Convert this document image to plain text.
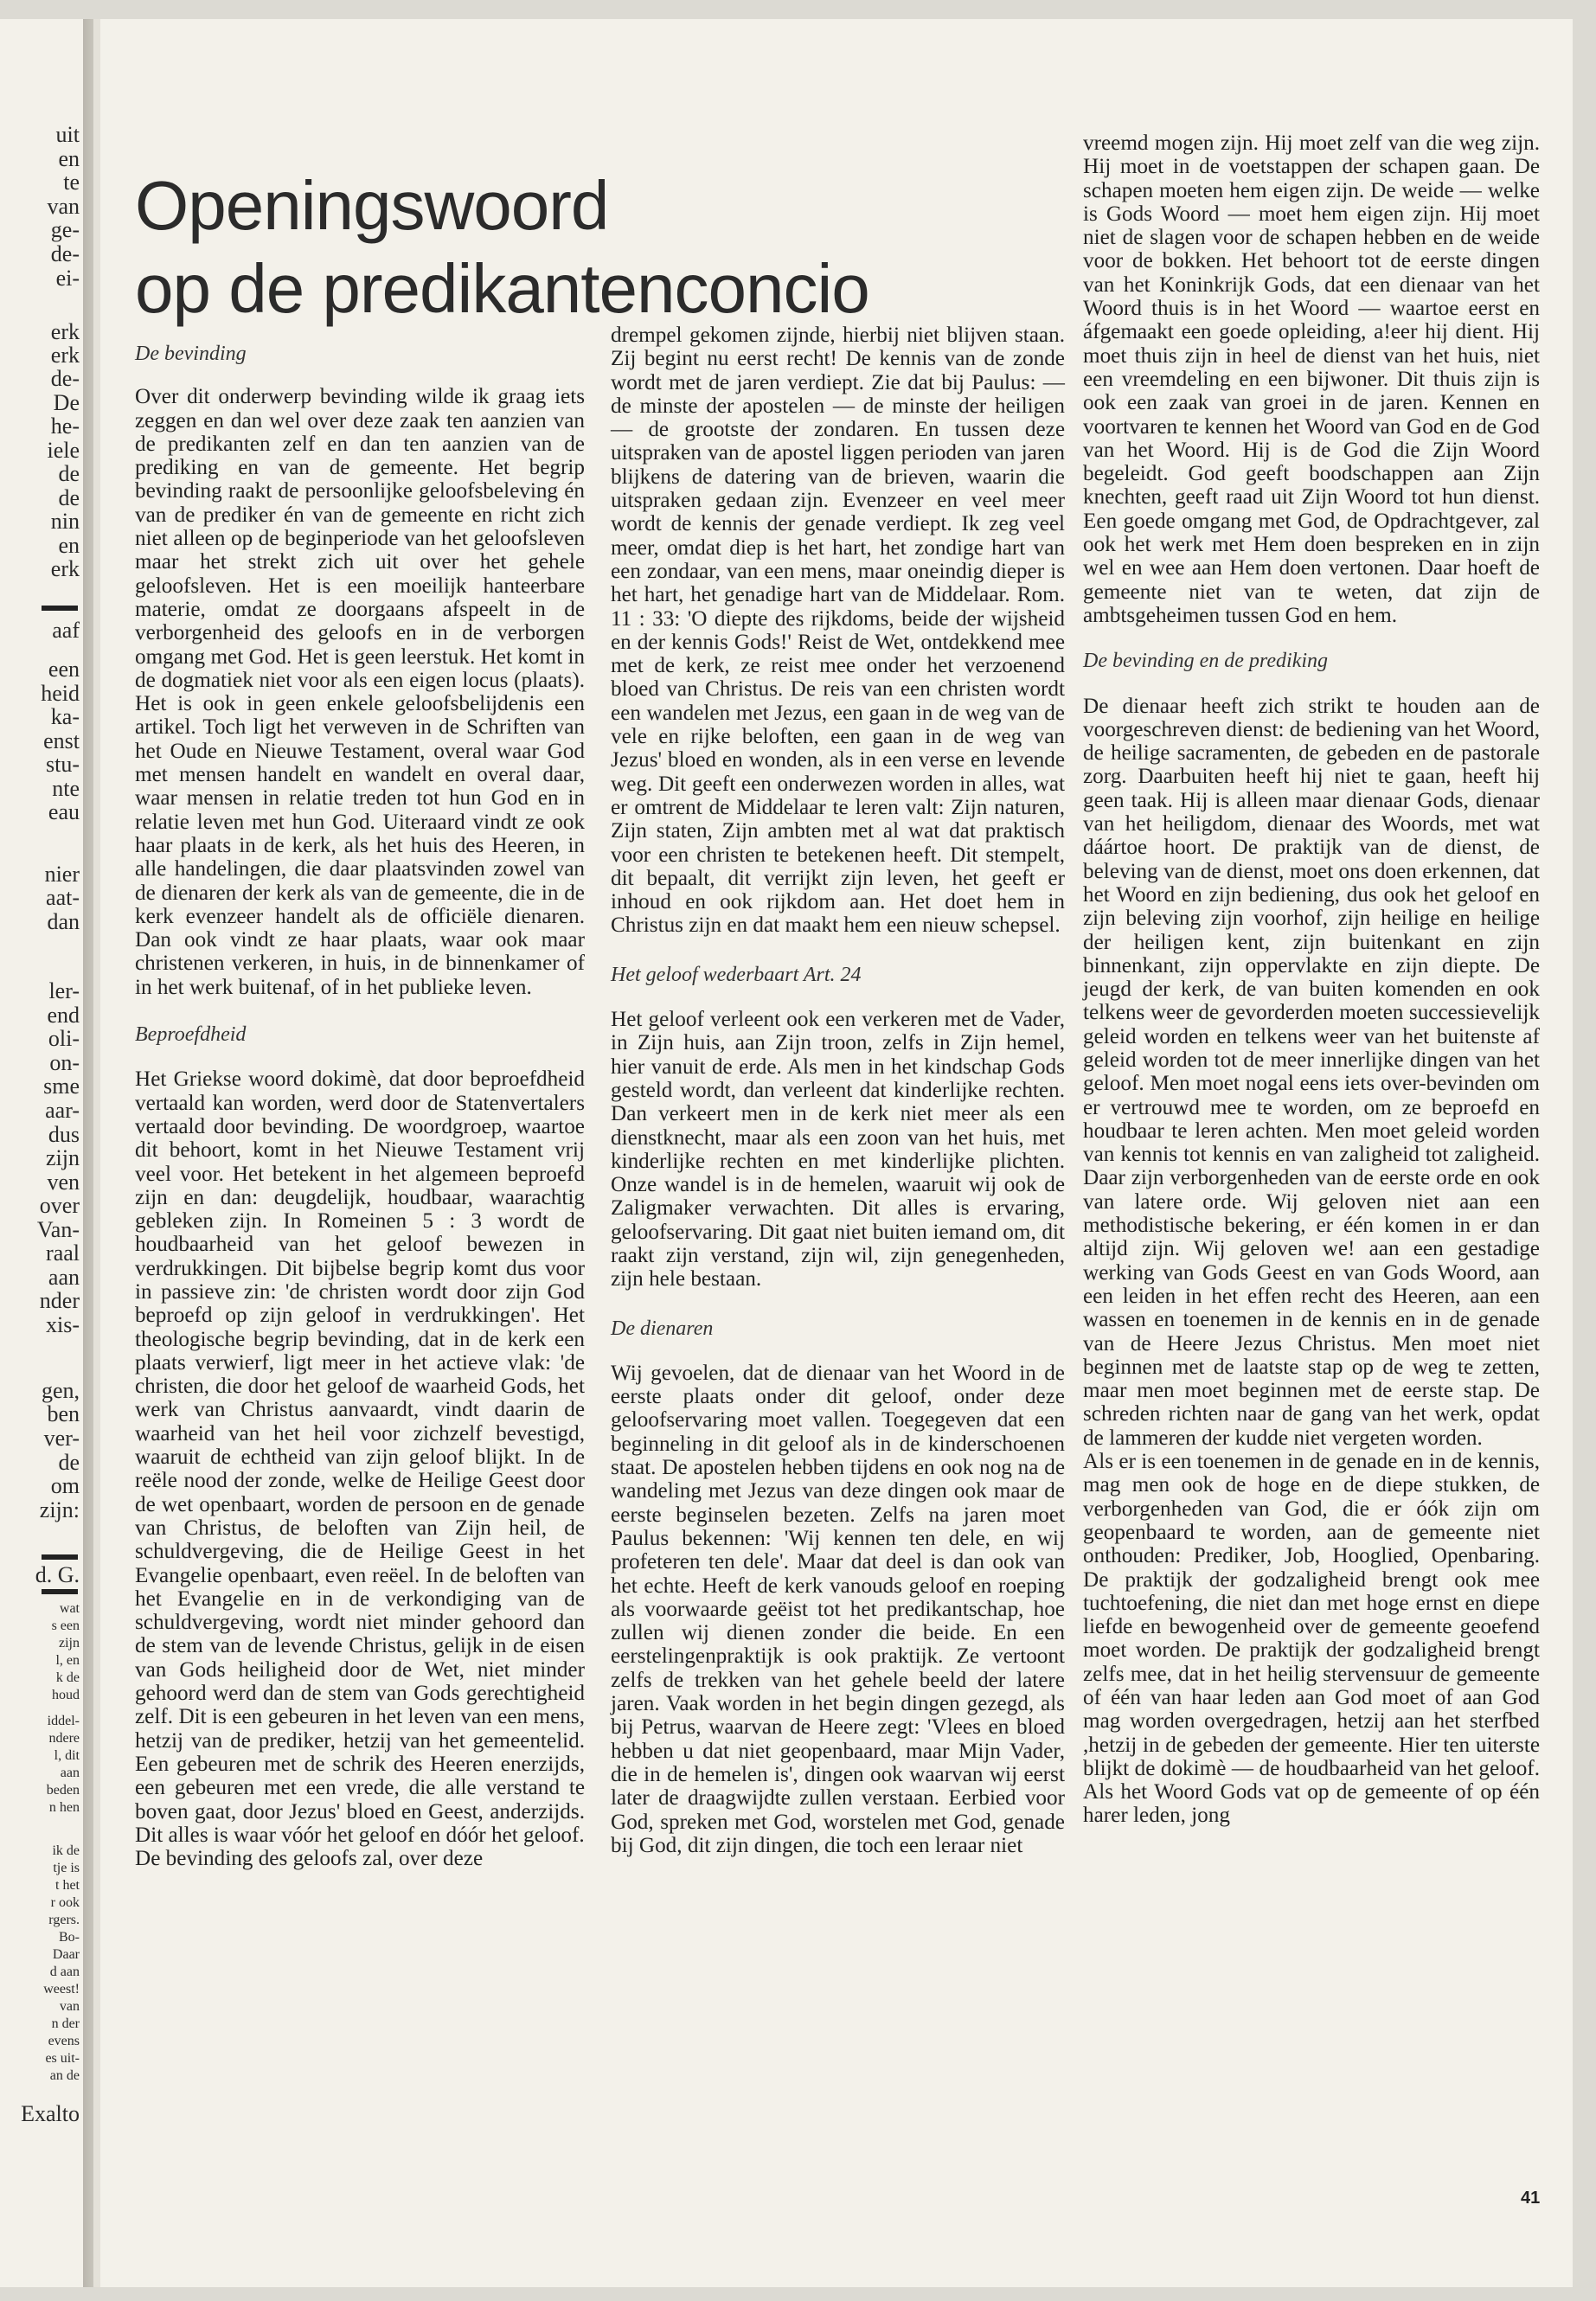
uit
en
te
van
ge-
de-
ei-
erk
erk
de-
De
he-
iele
de
de
nin
en
erk
aaf
een
heid
ka-
enst
stu-
nte
eau
nier
aat-
dan
ler-
end
oli-
on-
sme
aar-
dus
zijn
ven
over
Van-
raal
aan
nder
xis-
gen,
ben
ver-
de
om
zijn:
d. G.
wat
s een
zijn
l, en
k de
houd
iddel-
ndere
l, dit
aan
beden
n hen
ik de
tje is
t het
r ook
rgers.
Bo-
Daar
d aan
weest!
van
n der
evens
es uit-
an de
Exalto
Openingswoord
op de predikantenconcio
De bevinding

Over dit onderwerp bevinding wilde ik graag iets zeggen en dan wel over deze zaak ten aanzien van de predikanten zelf en dan ten aanzien van de prediking en van de gemeente. Het begrip bevinding raakt de persoonlijke geloofsbeleving én van de prediker én van de gemeente en richt zich niet alleen op de beginperiode van het geloofsleven maar het strekt zich uit over het gehele geloofsleven. Het is een moeilijk hanteerbare materie, omdat ze doorgaans afspeelt in de verborgenheid des geloofs en in de verborgen omgang met God. Het is geen leerstuk. Het komt in de dogmatiek niet voor als een eigen locus (plaats). Het is ook in geen enkele geloofsbelijdenis een artikel. Toch ligt het verweven in de Schriften van het Oude en Nieuwe Testament, overal waar God met mensen handelt en wandelt en overal daar, waar mensen in relatie treden tot hun God en in relatie leven met hun God. Uiteraard vindt ze ook haar plaats in de kerk, als het huis des Heeren, in alle handelingen, die daar plaatsvinden zowel van de dienaren der kerk als van de gemeente, die in de kerk evenzeer handelt als de officiële dienaren. Dan ook vindt ze haar plaats, waar ook maar christenen verkeren, in huis, in de binnenkamer of in het werk buitenaf, of in het publieke leven.

Beproefdheid

Het Griekse woord dokimè, dat door beproefdheid vertaald kan worden, werd door de Statenvertalers vertaald door bevinding. De woordgroep, waartoe dit behoort, komt in het Nieuwe Testament vrij veel voor. Het betekent in het algemeen beproefd zijn en dan: deugdelijk, houdbaar, waarachtig gebleken zijn. In Romeinen 5 : 3 wordt de houdbaarheid van het geloof bewezen in verdrukkingen. Dit bijbelse begrip komt dus voor in passieve zin: 'de christen wordt door zijn God beproefd op zijn geloof in verdrukkingen'. Het theologische begrip bevinding, dat in de kerk een plaats verwierf, ligt meer in het actieve vlak: 'de christen, die door het geloof de waarheid Gods, het werk van Christus aanvaardt, vindt daarin de waarheid van het heil voor zichzelf bevestigd, waaruit de echtheid van zijn geloof blijkt. In de reële nood der zonde, welke de Heilige Geest door de wet openbaart, worden de persoon en de genade van Christus, de beloften van Zijn heil, de schuldvergeving, die de Heilige Geest in het Evangelie openbaart, even reëel. In de beloften van het Evangelie en in de verkondiging van de schuldvergeving, wordt niet minder gehoord dan de stem van de levende Christus, gelijk in de eisen van Gods heiligheid door de Wet, niet minder gehoord werd dan de stem van Gods gerechtigheid zelf. Dit is een gebeuren in het leven van een mens, hetzij van de prediker, hetzij van het gemeentelid. Een gebeuren met de schrik des Heeren enerzijds, een gebeuren met een vrede, die alle verstand te boven gaat, door Jezus' bloed en Geest, anderzijds. Dit alles is waar vóór het geloof en dóór het geloof.

De bevinding des geloofs zal, over deze

drempel gekomen zijnde, hierbij niet blijven staan. Zij begint nu eerst recht! De kennis van de zonde wordt met de jaren verdiept. Zie dat bij Paulus: — de minste der apostelen — de minste der heiligen — de grootste der zondaren. En tussen deze uitspraken van de apostel liggen perioden van jaren blijkens de datering van de brieven, waarin die uitspraken gedaan zijn. Evenzeer en veel meer wordt de kennis der genade verdiept. Ik zeg veel meer, omdat diep is het hart, het zondige hart van een zondaar, van een mens, maar oneindig dieper is het hart, het genadige hart van de Middelaar. Rom. 11 : 33: 'O diepte des rijkdoms, beide der wijsheid en der kennis Gods!' Reist de Wet, ontdekkend mee met de kerk, ze reist mee onder het verzoenend bloed van Christus. De reis van een christen wordt een wandelen met Jezus, een gaan in de weg van de vele en rijke beloften, een gaan in de weg van Jezus' bloed en wonden, als in een verse en levende weg. Dit geeft een onderwezen worden in alles, wat er omtrent de Middelaar te leren valt: Zijn naturen, Zijn staten, Zijn ambten met al wat dat praktisch voor een christen te betekenen heeft. Dit stempelt, dit bepaalt, dit verrijkt zijn leven, het geeft er inhoud en ook rijkdom aan. Het doet hem in Christus zijn en dat maakt hem een nieuw schepsel.

Het geloof wederbaart Art. 24

Het geloof verleent ook een verkeren met de Vader, in Zijn huis, aan Zijn troon, zelfs in Zijn hemel, hier vanuit de erde. Als men in het kindschap Gods gesteld wordt, dan verleent dat kinderlijke rechten. Dan verkeert men in de kerk niet meer als een dienstknecht, maar als een zoon van het huis, met kinderlijke rechten en met kinderlijke plichten. Onze wandel is in de hemelen, waaruit wij ook de Zaligmaker verwachten. Dit alles is ervaring, geloofservaring. Dit gaat niet buiten iemand om, dit raakt zijn verstand, zijn wil, zijn genegenheden, zijn hele bestaan.

De dienaren

Wij gevoelen, dat de dienaar van het Woord in de eerste plaats onder dit geloof, onder deze geloofservaring moet vallen. Toegegeven dat een beginneling in dit geloof als in de kinderschoenen staat. De apostelen hebben tijdens en ook nog na de wandeling met Jezus van deze dingen ook maar de eerste beginselen bezeten. Zelfs na jaren moet Paulus bekennen: 'Wij kennen ten dele, en wij profeteren ten dele'. Maar dat deel is dan ook van het echte. Heeft de kerk vanouds geloof en roeping als voorwaarde geëist tot het predikantschap, hoe zullen wij dienen zonder die beide. En een eerstelingenpraktijk is ook praktijk. Ze vertoont zelfs de trekken van het gehele beeld der latere jaren. Vaak worden in het begin dingen gezegd, als bij Petrus, waarvan de Heere zegt: 'Vlees en bloed hebben u dat niet geopenbaard, maar Mijn Vader, die in de hemelen is', dingen ook waarvan wij eerst later de draagwijdte zullen verstaan. Eerbied voor God, spreken met God, worstelen met God, genade bij God, dit zijn dingen, die toch een leraar niet

vreemd mogen zijn. Hij moet zelf van die weg zijn. Hij moet in de voetstappen der schapen gaan. De schapen moeten hem eigen zijn. De weide — welke is Gods Woord — moet hem eigen zijn. Hij moet niet de slagen voor de schapen hebben en de weide voor de bokken. Het behoort tot de eerste dingen van het Koninkrijk Gods, dat een dienaar van het Woord thuis is in het Woord — waartoe eerst en áfgemaakt een goede opleiding, a!eer hij dient. Hij moet thuis zijn in heel de dienst van het huis, niet een vreemdeling en een bijwoner. Dit thuis zijn is ook een zaak van groei in de jaren. Kennen en voortvaren te kennen het Woord van God en de God van het Woord. Hij is de God die Zijn Woord begeleidt. God geeft boodschappen aan Zijn knechten, geeft raad uit Zijn Woord tot hun dienst. Een goede omgang met God, de Opdrachtgever, zal ook het werk met Hem doen bespreken en in zijn wel en wee aan Hem doen vertonen. Daar hoeft de gemeente niet van te weten, dat zijn de ambtsgeheimen tussen God en hem.

De bevinding en de prediking

De dienaar heeft zich strikt te houden aan de voorgeschreven dienst: de bediening van het Woord, de heilige sacramenten, de gebeden en de pastorale zorg. Daarbuiten heeft hij niet te gaan, heeft hij geen taak. Hij is alleen maar dienaar Gods, dienaar van het heiligdom, dienaar des Woords, met wat dáártoe hoort. De praktijk van de dienst, de beleving van de dienst, moet ons doen erkennen, dat het Woord en zijn bediening, dus ook het geloof en zijn beleving zijn voorhof, zijn heilige en heilige der heiligen kent, zijn buitenkant en zijn binnenkant, zijn oppervlakte en zijn diepte. De jeugd der kerk, de van buiten komenden en ook telkens weer de gevorderden moeten successievelijk geleid worden en telkens weer van het buitenste af geleid worden tot de meer innerlijke dingen van het geloof. Men moet nogal eens iets over-bevinden om er vertrouwd mee te worden, om ze beproefd en houdbaar te leren achten. Men moet geleid worden van kennis tot kennis en van zaligheid tot zaligheid. Daar zijn verborgenheden van de eerste orde en ook van latere orde. Wij geloven niet aan een methodistische bekering, er één komen in er dan altijd zijn. Wij geloven we! aan een gestadige werking van Gods Geest en van Gods Woord, aan een leiden in het effen recht des Heeren, aan een wassen en toenemen in de kennis en in de genade van de Heere Jezus Christus. Men moet niet beginnen met de laatste stap op de weg te zetten, maar men moet beginnen met de eerste stap. De schreden richten naar de gang van het werk, opdat de lammeren der kudde niet vergeten worden.

Als er is een toenemen in de genade en in de kennis, mag men ook de hoge en de diepe stukken, de verborgenheden van God, die er óók zijn om geopenbaard te worden, aan de gemeente niet onthouden: Prediker, Job, Hooglied, Openbaring. De praktijk der godzaligheid brengt ook mee tuchtoefening, die niet dan met hoge ernst en diepe liefde en bewogenheid over de gemeente geoefend moet worden. De praktijk der godzaligheid brengt zelfs mee, dat in het heilig stervensuur de gemeente of één van haar leden aan God moet of aan God mag worden overgedragen, hetzij aan het sterfbed ,hetzij in de gebeden der gemeente. Hier ten uiterste blijkt de dokimè — de houdbaarheid van het geloof. Als het Woord Gods vat op de gemeente of op één harer leden, jong

41
